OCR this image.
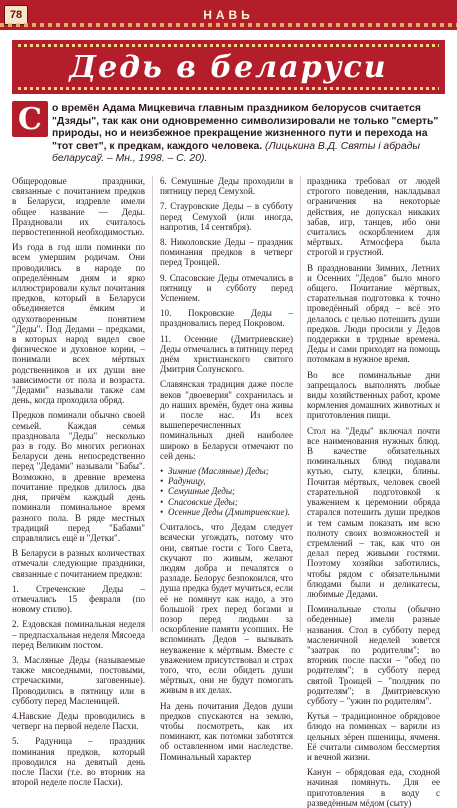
78	НАВЬ
Дедь в беларуси
С о времён Адама Мицкевича главным праздником белорусов считается "Дзяды", так как они одновременно символизировали не только "смерть" природы, но и неизбежное прекращение жизненного пути и перехода на "тот свет", к предкам, каждого человека. (Лицькина В.Д. Святы і абрады беларусаў. – Мн., 1998. – С. 20).

Общеродовые праздники, связанные с почитанием предков в Беларуси, издревле имели общее название — Деды. Праздновали их считалось первостепенной необходимостью.

Из года в год шли поминки по всем умершим родичам. Они проводились в народе по определённым дням и ярко иллюстрировали культ почитания предков, который в Беларуси объединяется ёмким и одухотворенным понятием "Деды". Под Дедами – предками, в которых народ видел свое физическое и духовное корни, – понимали всех мёртвых родственников и их души вне зависимости от пола и возраста. "Дедами" называли также сам день, когда проходила обряд.

Предков поминали обычно своей семьей. Каждая семья праздновала "Деды" несколько раз в году. Во многих регионах Беларуси день непосредственно перед "Дедами" называли "Бабы". Возможно, в древние времена почитание предков длилось два дня, причём каждый день поминали поминальное время разного пола. В ряде местных традиций перед "Бабами" справлялись ещё и "Детки".

В Беларуси в разных количествах отмечали следующие праздники, связанные с почитанием предков:

1. Стреченские Деды – отмечались 15 февраля (по новому стилю).

2. Ездовская поминальная неделя – предпасхальная неделя Мясоеда перед Великим постом.

3. Масляные Деды (называемые также мясоедными, постовыми, стречаскими, заговенные). Проводились в пятницу или в субботу перед Масленицей.

4.Навские Деды проводились в четверг на первой неделе Пасхи.

5. Радуница – праздник поминания предков, который проводился на девятый день после Пасхи (т.е. во вторник на второй неделе после Пасхи).

6. Семушные Деды проходили в пятницу перед Семухой.

7. Стауровские Деды – в субботу перед Семухой (или иногда, напротив, 14 сентября).

8. Николовские Деды – праздник поминания предков в четверг перед Троицей.

9. Спасовские Деды отмечались в пятницу и субботу перед Успением.

10. Покровские Деды – праздновались перед Покровом.

11. Осенние (Дмитриевские) Деды отмечались в пятницу перед днём христианского святого Дмитрия Солунского.

Славянская традиция даже после веков "двоеверия" сохранилась и до наших времён, будет она живы и после нас. Из всех вышеперечисленных поминальных дней наиболее широко в Беларуси отмечают по сей день:

• Зимние (Масляные) Деды;
• Радуницу,
• Семушные Деды;
• Спасовские Деды;
• Осенние Деды (Дмитриевские).

Считалось, что Дедам следует всячески угождать, потому что они, святые гости с Того Света, скучают по живым, желают людям добра и печалятся о разладе. Белорус безпокоился, что душа предка будет мучиться, если её не помянут как надо, а это большой грех перед богами и позор перед людьми за оскорбление памяти усопших. Не вспоминать Дедов – вызывать неуважение к мёртвым. Вместе с уважением присутствовал и страх того, что, если обидеть души мёртвых, они не будут помогать живым в их делах.

На день почитания Дедов души предков спускаются на землю, чтобы посмотреть, как их поминают, как потомки заботятся об оставленном ими наследстве. Поминальный характер

праздника требовал от людей строгого поведения, накладывал ограничения на некоторые действия, не допускал никаких забав, игр, танцев, ибо они считались оскорблением для мёртвых. Атмосфера была строгой и грустной.

В праздновании Зимних, Летних и Осенних "Дедов" было много общего. Почитание мёртвых, старательная подготовка к точно проведённый обряд – всё это делалось с целью потешить души предков. Люди просили у Дедов поддержки в трудные времена. Деды и сами приходят на помощь потомкам в нужное время.

Во все поминальные дни запрещалось выполнять любые виды хозяйственных работ, кроме кормления домашних животных и приготовления пищи.

Стол на "Деды" включал почти все наименования нужных блюд. В качестве обязательных поминальных блюд подавали кутью, сыту, клецки, блины. Почитая мёртвых, человек своей старательной подготовкой к уважением к церемонии обряда старался потешить души предков и тем самым показать им всю полноту своих возможностей и стремлений – так, как что он делал перед живыми гостями. Поэтому хозяйки заботились, чтобы рядом с обязательными блюдами были и деликатесы, любимые Дедами.

Поминальные столы (обычно обеденные) имели разные названия. Стол в субботу перед масленичной неделей зовется "заатрак по родителям"; во вторник после пасхи – "обед по родителям"; в субботу перед святой Троицей – "полдник по родителям"; в Дмитриевскую субботу – "ужин по родителям".

Кутья – традиционное обрядовое блюдо на поминках – варили из цельных зёрен пшеницы, ячменя. Её считали символом бессмертия и вечной жизни.

Канун – обрядовая еда, сходной начиная помянуть. Для ее приготовления в воду с разведённым мёдом (сыту)
